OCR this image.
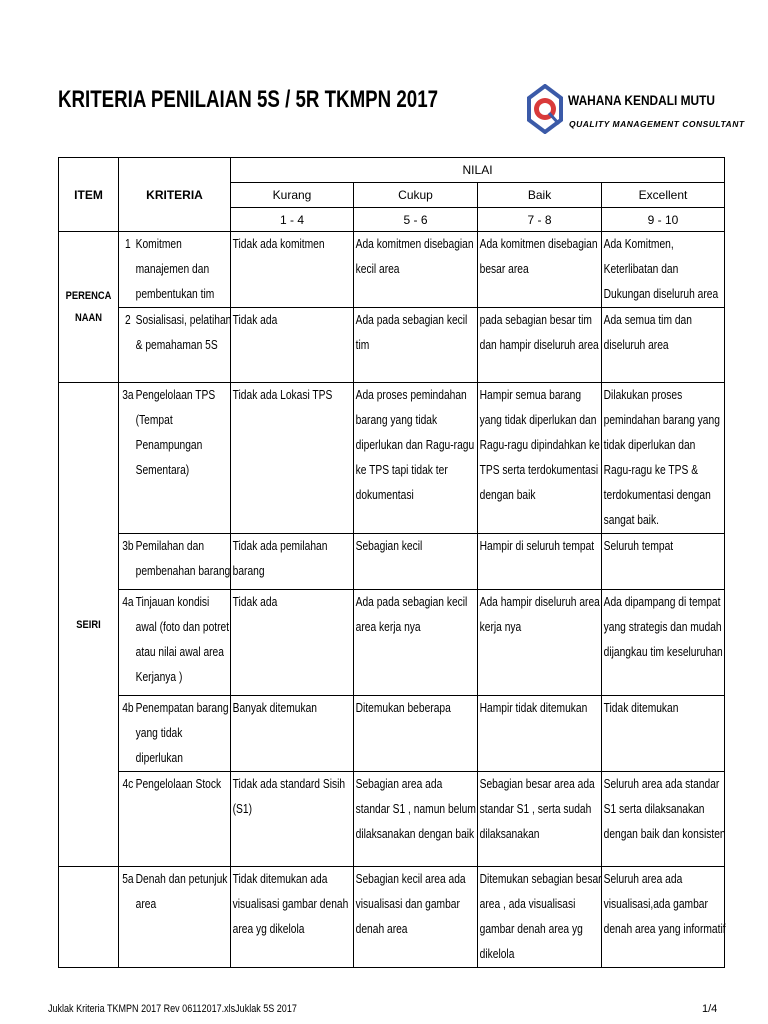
KRITERIA PENILAIAN 5S / 5R TKMPN 2017	WAHANA KENDALI MUTU
QUALITY MANAGEMENT CONSULTANT
ITEM	KRITERIA		NILAI			
			Kurang	Cukup	Baik	Excellent
			1 - 4	5 - 6	7 - 8	9 - 10

PERENCA NAAN	1	Komitmen manajemen dan pembentukan tim	Tidak ada komitmen	Ada komitmen disebagian kecil area	Ada komitmen disebagian besar area	Ada Komitmen, Keterlibatan dan Dukungan diseluruh area

	2	Sosialisasi, pelatihan & pemahaman 5S	Tidak ada	Ada pada sebagian kecil tim	pada sebagian besar tim dan hampir diseluruh area	Ada semua tim dan diseluruh area

SEIRI	3a	Pengelolaan TPS (Tempat Penampungan Sementara)	Tidak ada Lokasi TPS	Ada proses pemindahan barang yang tidak diperlukan dan Ragu-ragu ke TPS tapi tidak ter dokumentasi	Hampir semua barang yang tidak diperlukan dan Ragu-ragu dipindahkan ke TPS serta terdokumentasi dengan baik	Dilakukan proses pemindahan barang yang tidak diperlukan dan Ragu-ragu ke TPS & terdokumentasi dengan sangat baik.

	3b	Pemilahan dan pembenahan barang	Tidak ada pemilahan barang	Sebagian kecil	Hampir di seluruh tempat	Seluruh tempat

	4a	Tinjauan kondisi awal (foto dan potret atau nilai awal area Kerjanya )	Tidak ada	Ada pada sebagian kecil area kerja nya	Ada hampir diseluruh area kerja nya	Ada dipampang di tempat yang strategis dan mudah dijangkau tim keseluruhan

	4b	Penempatan barang yang tidak diperlukan	Banyak ditemukan	Ditemukan beberapa	Hampir tidak ditemukan	Tidak ditemukan

	4c	Pengelolaan Stock	Tidak ada standard Sisih (S1)	Sebagian area ada standar S1 , namun belum dilaksanakan dengan baik	Sebagian besar area ada standar S1 , serta sudah dilaksanakan	Seluruh area ada standar S1 serta dilaksanakan dengan baik dan konsisten

	5a	Denah dan petunjuk area	Tidak ditemukan ada visualisasi gambar denah area yg dikelola	Sebagian kecil area ada visualisasi dan gambar denah area	Ditemukan sebagian besar area , ada visualisasi gambar denah area yg dikelola	Seluruh area ada visualisasi,ada gambar denah area yang informatif
Juklak Kriteria TKMPN 2017 Rev 06112017.xlsJuklak 5S 2017	1/4
